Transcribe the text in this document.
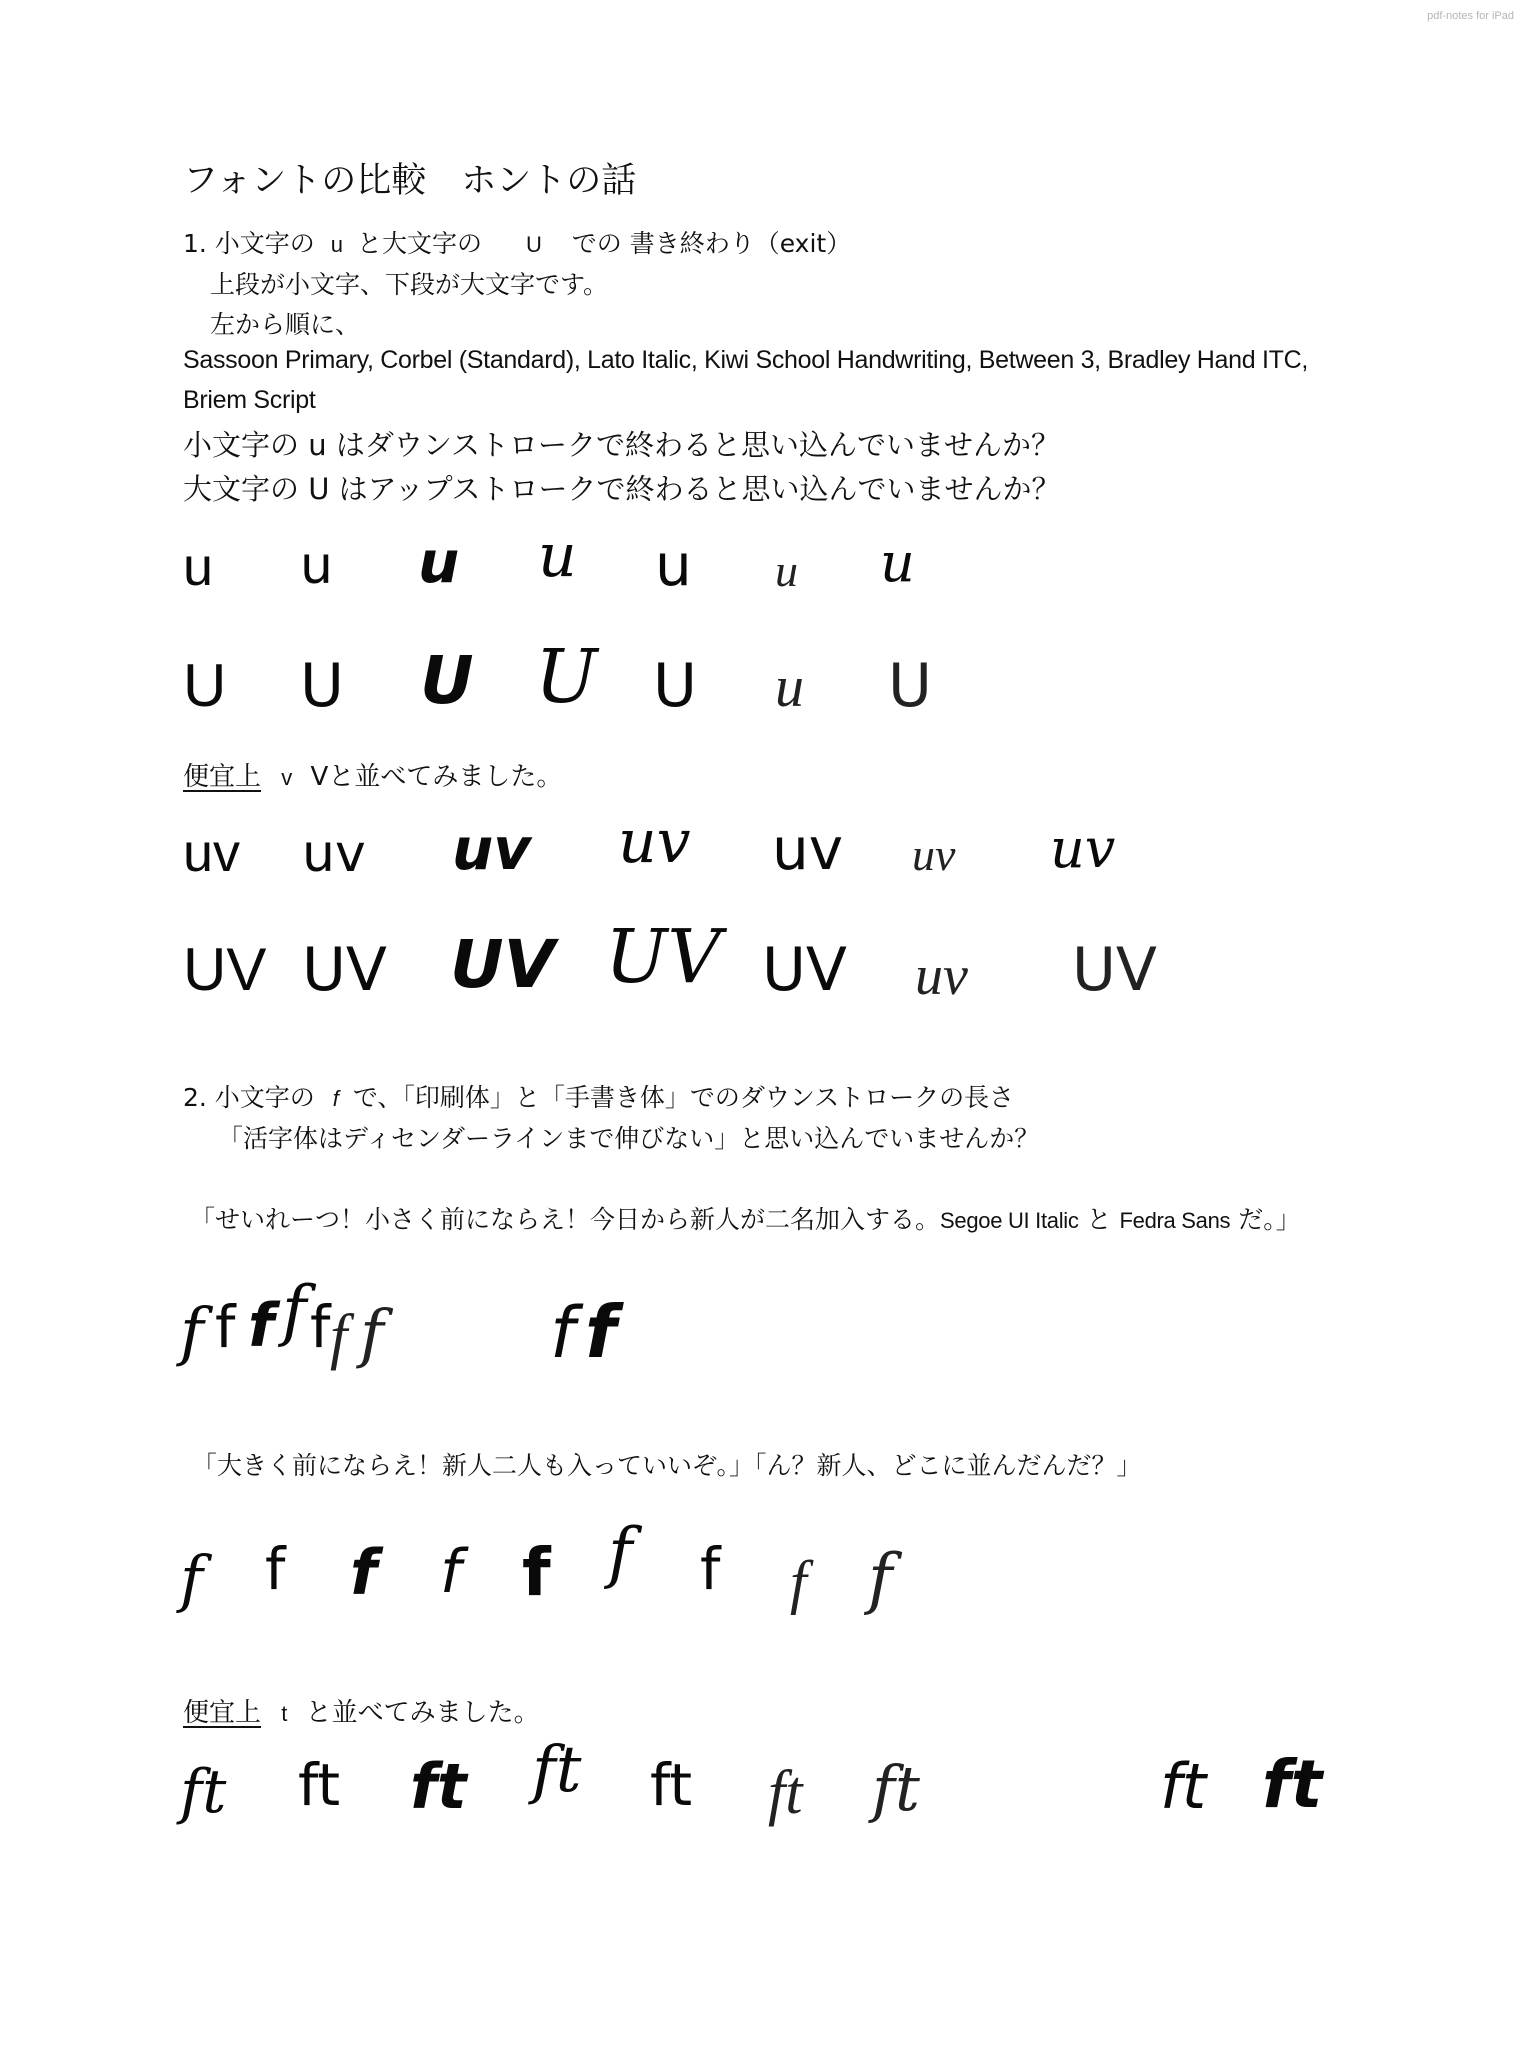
pdf-notes for iPad
フォントの比較　ホントの話
1. 小文字の u と大文字の U での 書き終わり（exit）
上段が小文字、下段が大文字です。
左から順に、
Sassoon Primary, Corbel (Standard), Lato Italic, Kiwi School Handwriting, Between 3, Bradley Hand ITC,
Briem Script
小文字の u はダウンストロークで終わると思い込んでいませんか？
大文字の U はアップストロークで終わると思い込んでいませんか？
u u u u u u u
U U U U U u U
便宜上 v Vと並べてみました。
uv uv uv uv uv uv uv
UV UV UV UV UV uv UV
2. 小文字の f で、「印刷体」と「手書き体」でのダウンストロークの長さ
「活字体はディセンダーラインまで伸びない」と思い込んでいませんか？
「せいれーつ！小さく前にならえ！今日から新人が二名加入する。Segoe UI Italic と Fedra Sans だ。」
f f f f f f f f f
「大きく前にならえ！新人二人も入っていいぞ。」「ん？新人、どこに並んだんだ？」
f f f f f f f f f
便宜上 t と並べてみました。
ft ft ft ft ft ft ft	ft ft
